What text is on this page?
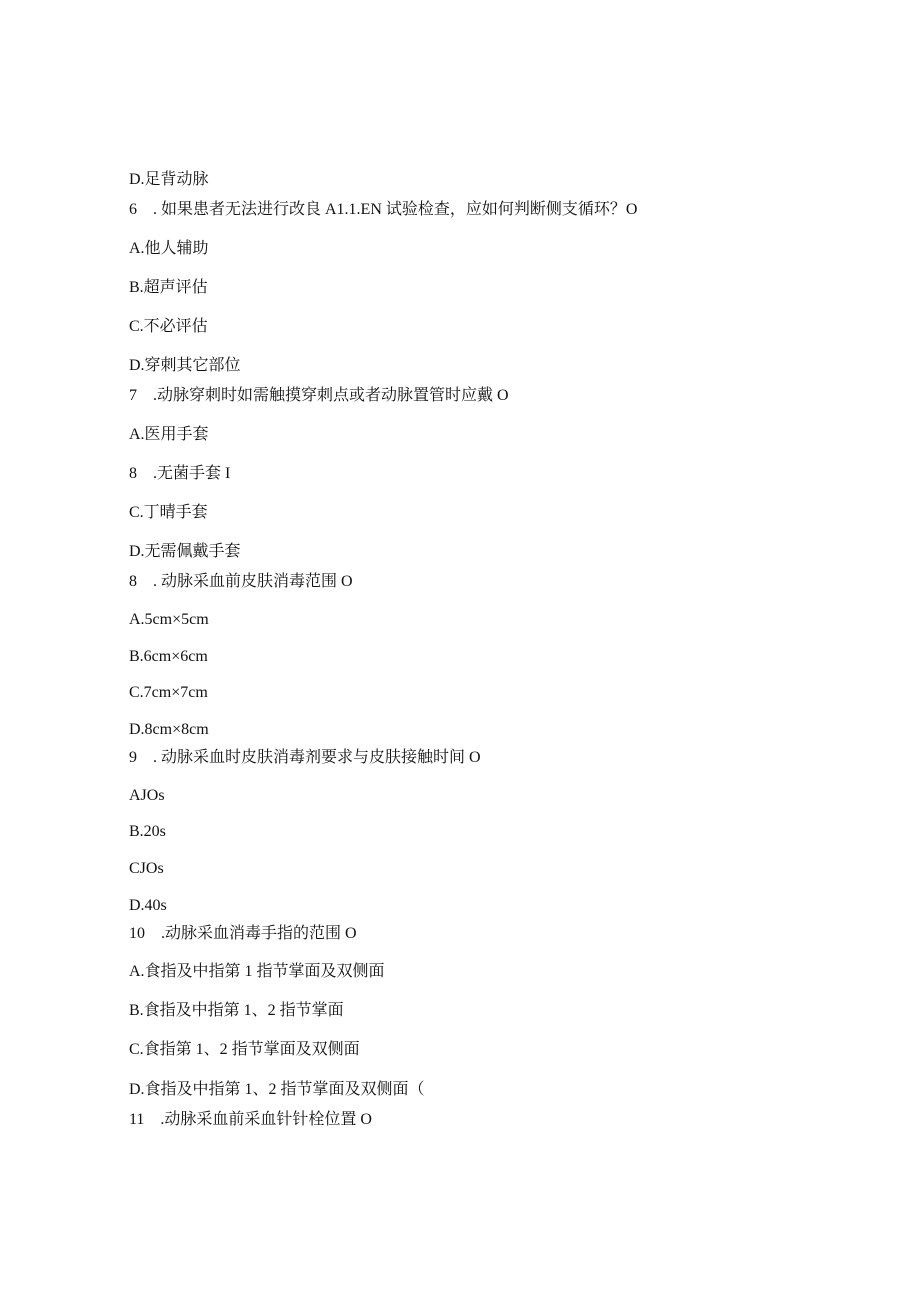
D.足背动脉
6　. 如果患者无法进行改良 A1.1.EN 试验检查，应如何判断侧支循环？O
A.他人辅助
B.超声评估
C.不必评估
D.穿刺其它部位
7　.动脉穿刺时如需触摸穿刺点或者动脉置管时应戴 O
A.医用手套
8　.无菌手套 I
C.丁晴手套
D.无需佩戴手套
8　. 动脉采血前皮肤消毒范围 O
A.5cm×5cm
B.6cm×6cm
C.7cm×7cm
D.8cm×8cm
9　. 动脉采血时皮肤消毒剂要求与皮肤接触时间 O
AJOs
B.20s
CJOs
D.40s
10　.动脉采血消毒手指的范围 O
A.食指及中指第 1 指节掌面及双侧面
B.食指及中指第 1、2 指节掌面
C.食指第 1、2 指节掌面及双侧面
D.食指及中指第 1、2 指节掌面及双侧面（
11　.动脉采血前采血针针栓位置 O
